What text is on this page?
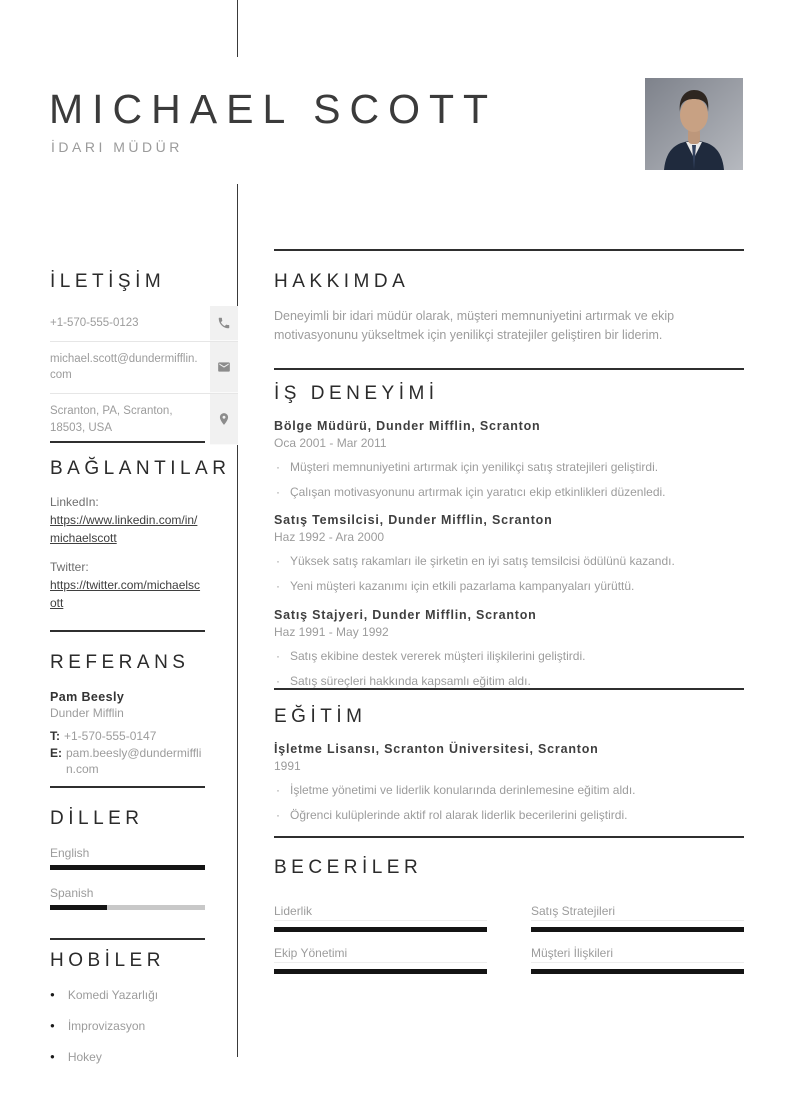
MICHAEL SCOTT
İDARI MÜDÜR
İLETİŞİM
+1-570-555-0123
michael.scott@dundermifflin.com
Scranton, PA, Scranton, 18503, USA
BAĞLANTILAR
LinkedIn:
https://www.linkedin.com/in/michaelscott
Twitter:
https://twitter.com/michaelscott
REFERANS
Pam Beesly
Dunder Mifflin
T: +1-570-555-0147
E: pam.beesly@dundermifflin.com
DİLLER
English
Spanish
HOBİLER
● Komedi Yazarlığı
● İmprovizasyon
● Hokey
HAKKIMDA

Deneyimli bir idari müdür olarak, müşteri memnuniyetini artırmak ve ekip motivasyonunu yükseltmek için yenilikçi stratejiler geliştiren bir liderim.

İŞ DENEYİMİ
Bölge Müdürü, Dunder Mifflin, Scranton
Oca 2001 - Mar 2011
· Müşteri memnuniyetini artırmak için yenilikçi satış stratejileri geliştirdi.
· Çalışan motivasyonunu artırmak için yaratıcı ekip etkinlikleri düzenledi.
Satış Temsilcisi, Dunder Mifflin, Scranton
Haz 1992 - Ara 2000
· Yüksek satış rakamları ile şirketin en iyi satış temsilcisi ödülünü kazandı.
· Yeni müşteri kazanımı için etkili pazarlama kampanyaları yürüttü.
Satış Stajyeri, Dunder Mifflin, Scranton
Haz 1991 - May 1992
· Satış ekibine destek vererek müşteri ilişkilerini geliştirdi.
· Satış süreçleri hakkında kapsamlı eğitim aldı.
EĞİTİM
İşletme Lisansı, Scranton Üniversitesi, Scranton
1991
· İşletme yönetimi ve liderlik konularında derinlemesine eğitim aldı.
· Öğrenci kulüplerinde aktif rol alarak liderlik becerilerini geliştirdi.
BECERİLER
Liderlik	Satış Stratejileri
Ekip Yönetimi	Müşteri İlişkileri
